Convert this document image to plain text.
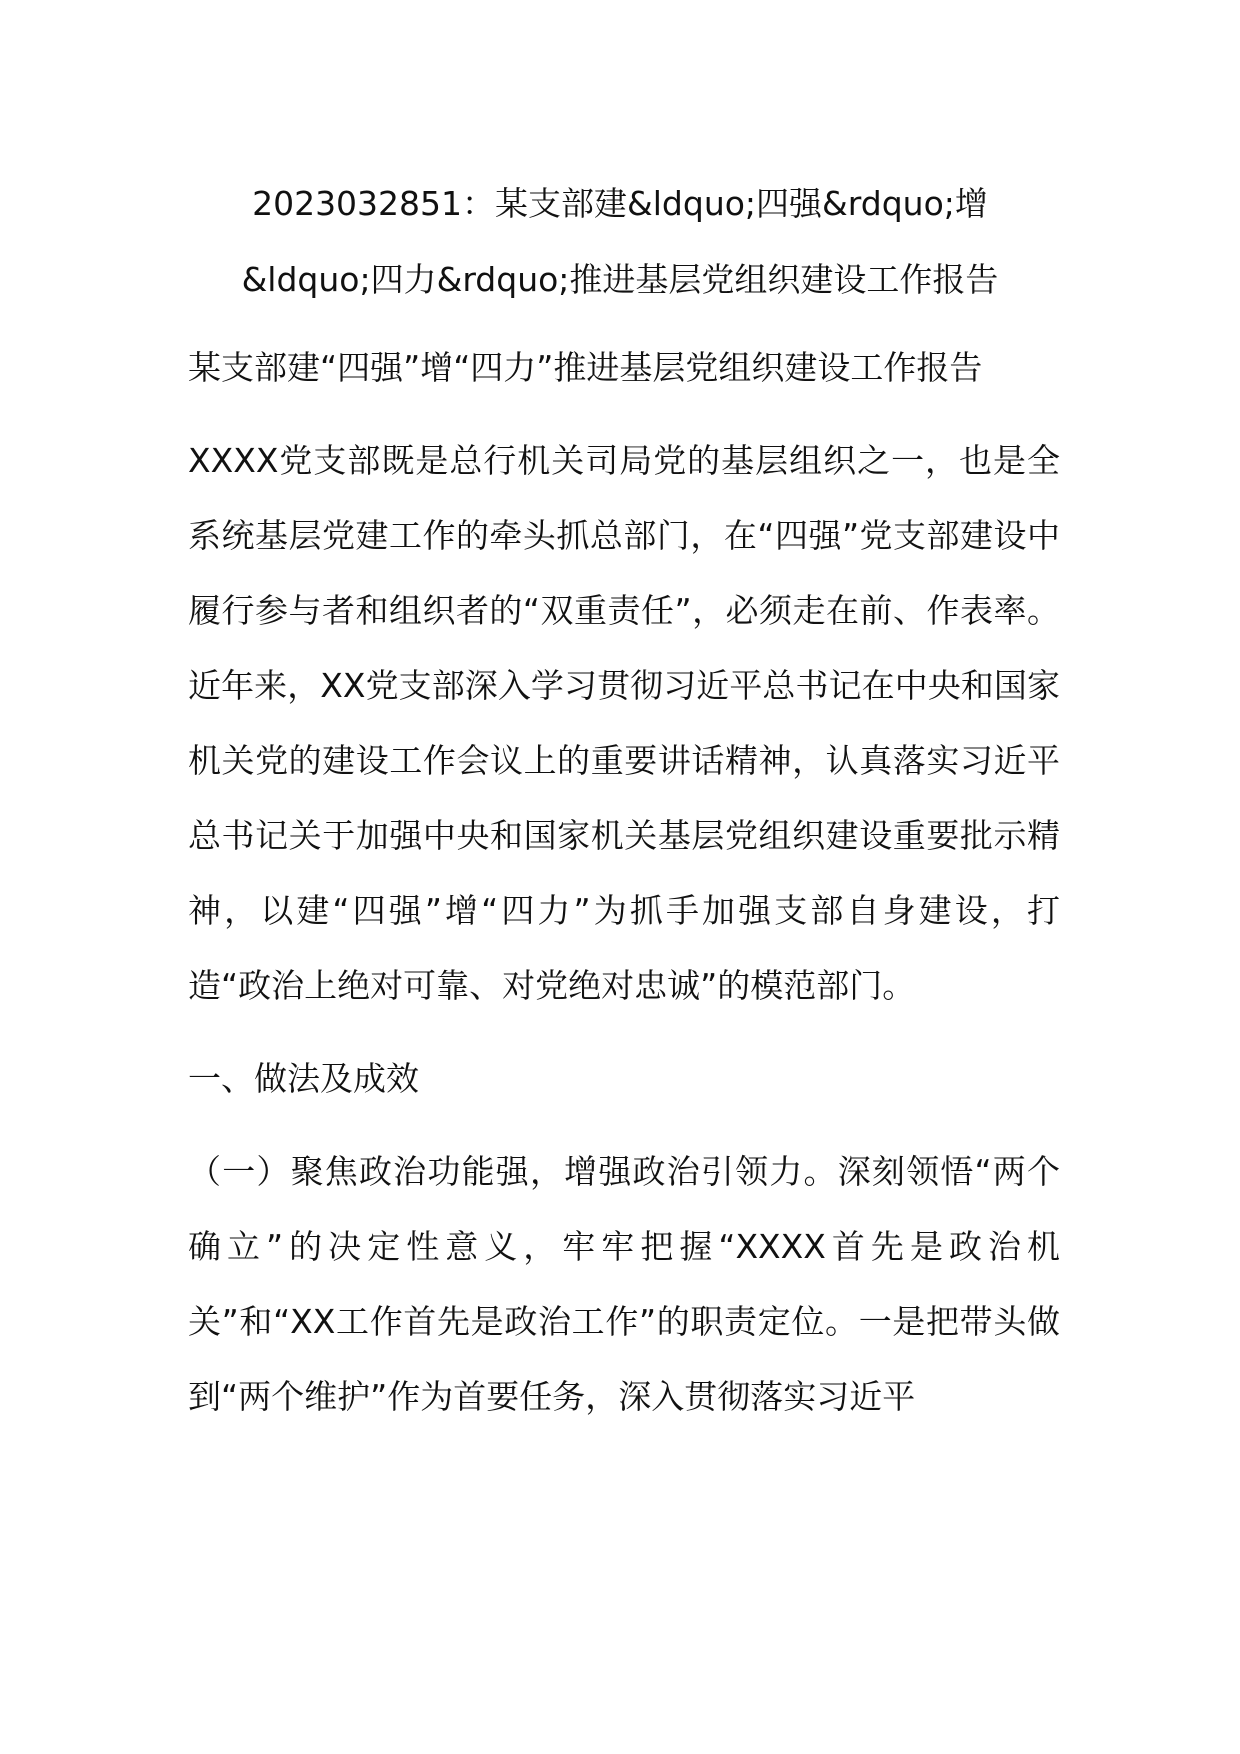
2023032851：某支部建&ldquo;四强&rdquo;增&ldquo;四力&rdquo;推进基层党组织建设工作报告

某支部建“四强”增“四力”推进基层党组织建设工作报告

XXXX党支部既是总行机关司局党的基层组织之一，也是全系统基层党建工作的牵头抓总部门，在“四强”党支部建设中履行参与者和组织者的“双重责任”，必须走在前、作表率。近年来，XX党支部深入学习贯彻习近平总书记在中央和国家机关党的建设工作会议上的重要讲话精神，认真落实习近平总书记关于加强中央和国家机关基层党组织建设重要批示精神，以建“四强”增“四力”为抓手加强支部自身建设，打造“政治上绝对可靠、对党绝对忠诚”的模范部门。

一、做法及成效

（一）聚焦政治功能强，增强政治引领力。深刻领悟“两个确立”的决定性意义，牢牢把握“XXXX首先是政治机关”和“XX工作首先是政治工作”的职责定位。一是把带头做到“两个维护”作为首要任务，深入贯彻落实习近平
